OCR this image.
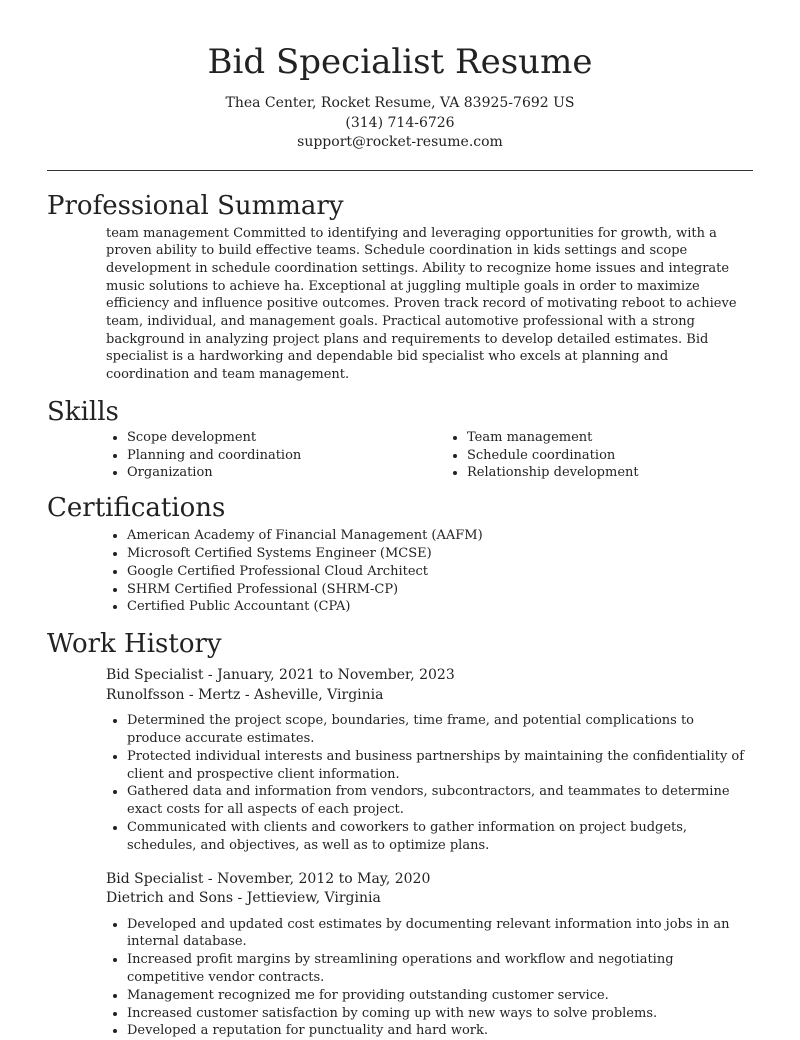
Bid Specialist Resume
Thea Center, Rocket Resume, VA 83925-7692 US
(314) 714-6726
support@rocket-resume.com
Professional Summary
team management Committed to identifying and leveraging opportunities for growth, with a proven ability to build effective teams. Schedule coordination in kids settings and scope development in schedule coordination settings. Ability to recognize home issues and integrate music solutions to achieve ha. Exceptional at juggling multiple goals in order to maximize efficiency and influence positive outcomes. Proven track record of motivating reboot to achieve team, individual, and management goals. Practical automotive professional with a strong background in analyzing project plans and requirements to develop detailed estimates. Bid specialist is a hardworking and dependable bid specialist who excels at planning and coordination and team management.
Skills
• Scope development
• Planning and coordination
• Organization
• Team management
• Schedule coordination
• Relationship development
Certifications
• American Academy of Financial Management (AAFM)
• Microsoft Certified Systems Engineer (MCSE)
• Google Certified Professional Cloud Architect
• SHRM Certified Professional (SHRM-CP)
• Certified Public Accountant (CPA)
Work History
Bid Specialist - January, 2021 to November, 2023
Runolfsson - Mertz - Asheville, Virginia
• Determined the project scope, boundaries, time frame, and potential complications to produce accurate estimates.
• Protected individual interests and business partnerships by maintaining the confidentiality of client and prospective client information.
• Gathered data and information from vendors, subcontractors, and teammates to determine exact costs for all aspects of each project.
• Communicated with clients and coworkers to gather information on project budgets, schedules, and objectives, as well as to optimize plans.
Bid Specialist - November, 2012 to May, 2020
Dietrich and Sons - Jettieview, Virginia
• Developed and updated cost estimates by documenting relevant information into jobs in an internal database.
• Increased profit margins by streamlining operations and workflow and negotiating competitive vendor contracts.
• Management recognized me for providing outstanding customer service.
• Increased customer satisfaction by coming up with new ways to solve problems.
• Developed a reputation for punctuality and hard work.
